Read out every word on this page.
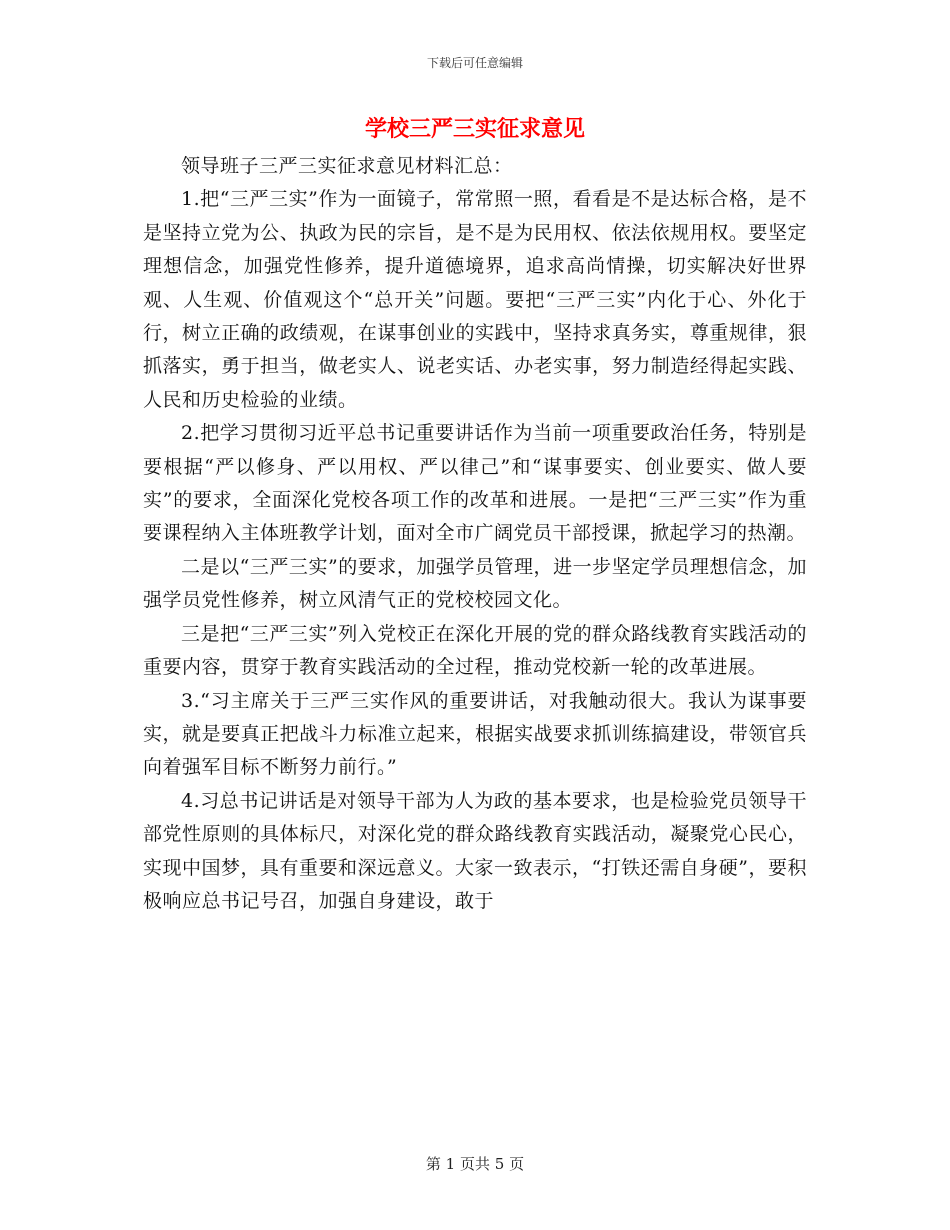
下载后可任意编辑
学校三严三实征求意见

领导班子三严三实征求意见材料汇总：

1.把“三严三实”作为一面镜子，常常照一照，看看是不是达标合格，是不是坚持立党为公、执政为民的宗旨，是不是为民用权、依法依规用权。要坚定理想信念，加强党性修养，提升道德境界，追求高尚情操，切实解决好世界观、人生观、价值观这个“总开关”问题。要把“三严三实”内化于心、外化于行，树立正确的政绩观，在谋事创业的实践中，坚持求真务实，尊重规律，狠抓落实，勇于担当，做老实人、说老实话、办老实事，努力制造经得起实践、人民和历史检验的业绩。

2.把学习贯彻习近平总书记重要讲话作为当前一项重要政治任务，特别是要根据“严以修身、严以用权、严以律己”和“谋事要实、创业要实、做人要实”的要求，全面深化党校各项工作的改革和进展。一是把“三严三实”作为重要课程纳入主体班教学计划，面对全市广阔党员干部授课，掀起学习的热潮。

二是以“三严三实”的要求，加强学员管理，进一步坚定学员理想信念，加强学员党性修养，树立风清气正的党校校园文化。

三是把“三严三实”列入党校正在深化开展的党的群众路线教育实践活动的重要内容，贯穿于教育实践活动的全过程，推动党校新一轮的改革进展。

3.“习主席关于三严三实作风的重要讲话，对我触动很大。我认为谋事要实，就是要真正把战斗力标准立起来，根据实战要求抓训练搞建设，带领官兵向着强军目标不断努力前行。”

4.习总书记讲话是对领导干部为人为政的基本要求，也是检验党员领导干部党性原则的具体标尺，对深化党的群众路线教育实践活动，凝聚党心民心，实现中国梦，具有重要和深远意义。大家一致表示，“打铁还需自身硬”，要积极响应总书记号召，加强自身建设，敢于

第 1 页共 5 页
